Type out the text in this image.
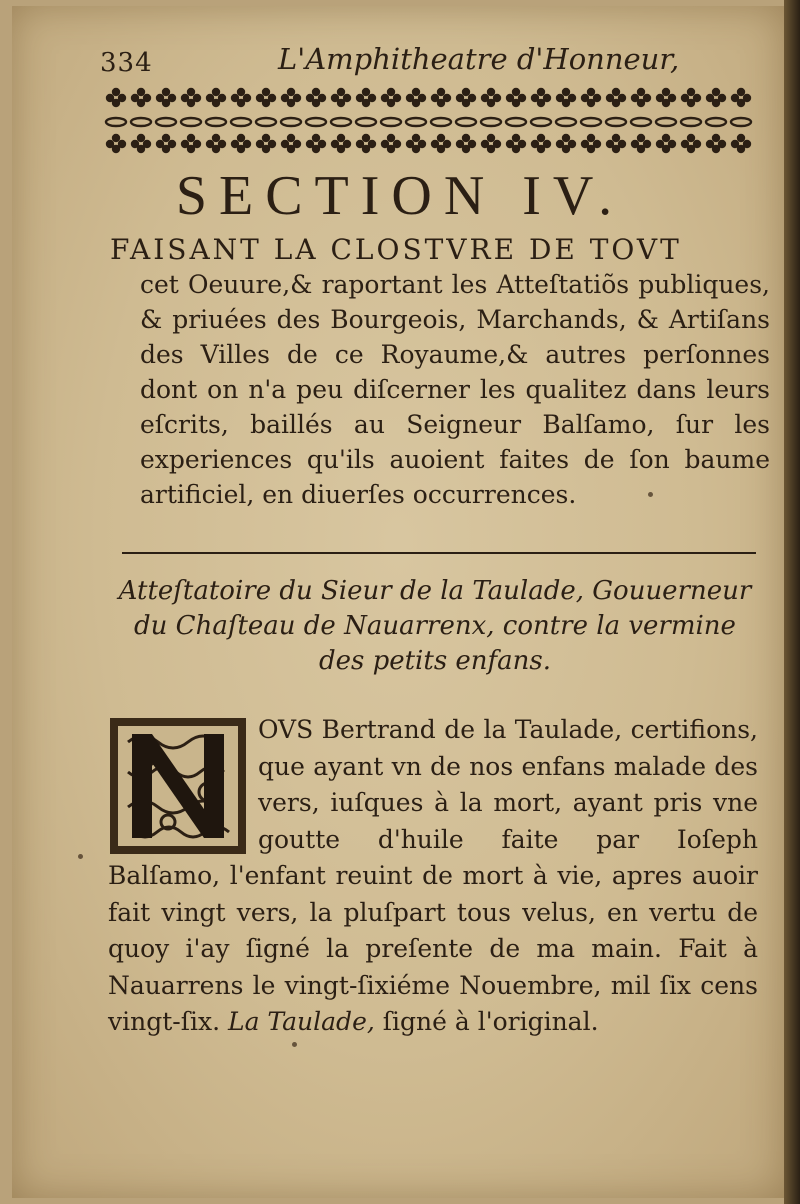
334	L'Amphitheatre d'Honneur,
SECTION IV.
FAISANT LA CLOSTVRE DE TOVT
cet Oeuure,& raportant les Atteſtatiõs publiques, & priuées des Bourgeois, Marchands, & Artiſans des Villes de ce Royaume,& autres perſonnes dont on n'a peu diſcerner les qualitez dans leurs eſcrits, baillés au Seigneur Balſamo, ſur les experiences qu'ils auoient faites de ſon baume artificiel, en diuerſes occurrences.
Atteſtatoire du Sieur de la Taulade, Gouuerneur du Chaſteau de Nauarrenx, contre la vermine des petits enfans.
OVS Bertrand de la Taulade, certifions, que ayant vn de nos enfans malade des vers, iuſques à la mort, ayant pris vne goutte d'huile faite par Ioſeph Balſamo, l'enfant reuint de mort à vie, apres auoir fait vingt vers, la pluſpart tous velus, en vertu de quoy i'ay ſigné la preſente de ma main. Fait à Nauarrens le vingt-ſixiéme Nouembre, mil ſix cens vingt-ſix. La Taulade, ſigné à l'original.
